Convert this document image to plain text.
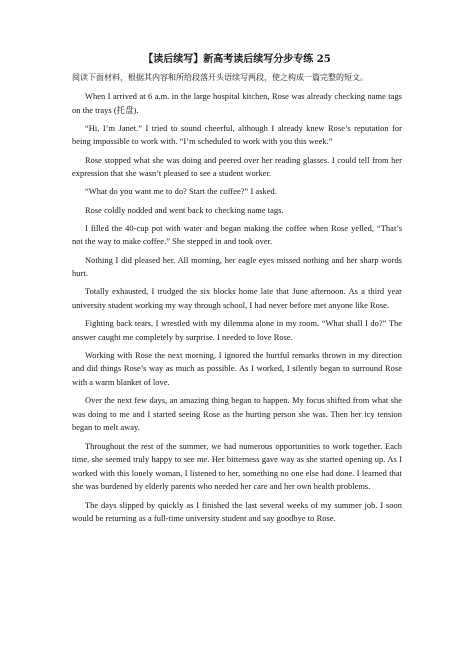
【读后续写】新高考读后续写分步专练 25
阅读下面材料，根据其内容和所给段落开头语续写两段，使之构成一篇完整的短文。

When I arrived at 6 a.m. in the large hospital kitchen, Rose was already checking name tags on the trays (托盘).

“Hi, I’m Janet.” I tried to sound cheerful, although I already knew Rose’s reputation for being impossible to work with. “I’m scheduled to work with you this week.”

Rose stopped what she was doing and peered over her reading glasses. I could tell from her expression that she wasn’t pleased to see a student worker.

“What do you want me to do? Start the coffee?” I asked.

Rose coldly nodded and went back to checking name tags.

I filled the 40-cup pot with water and began making the coffee when Rose yelled, “That’s not the way to make coffee.” She stepped in and took over.

Nothing I did pleased her. All morning, her eagle eyes missed nothing and her sharp words hurt.

Totally exhausted, I trudged the six blocks home late that June afternoon. As a third year university student working my way through school, I had never before met anyone like Rose.

Fighting back tears, I wrestled with my dilemma alone in my room. “What shall I do?” The answer caught me completely by surprise. I needed to love Rose.

Working with Rose the next morning, I ignored the hurtful remarks thrown in my direction and did things Rose’s way as much as possible. As I worked, I silently began to surround Rose with a warm blanket of love.

Over the next few days, an amazing thing began to happen. My focus shifted from what she was doing to me and I started seeing Rose as the hurting person she was. Then her icy tension began to melt away.

Throughout the rest of the summer, we had numerous opportunities to work together. Each time, she seemed truly happy to see me. Her bitterness gave way as she started opening up. As I worked with this lonely woman, I listened to her, something no one else had done. I learned that she was burdened by elderly parents who needed her care and her own health problems.

The days slipped by quickly as I finished the last several weeks of my summer job. I soon would be returning as a full-time university student and say goodbye to Rose.
